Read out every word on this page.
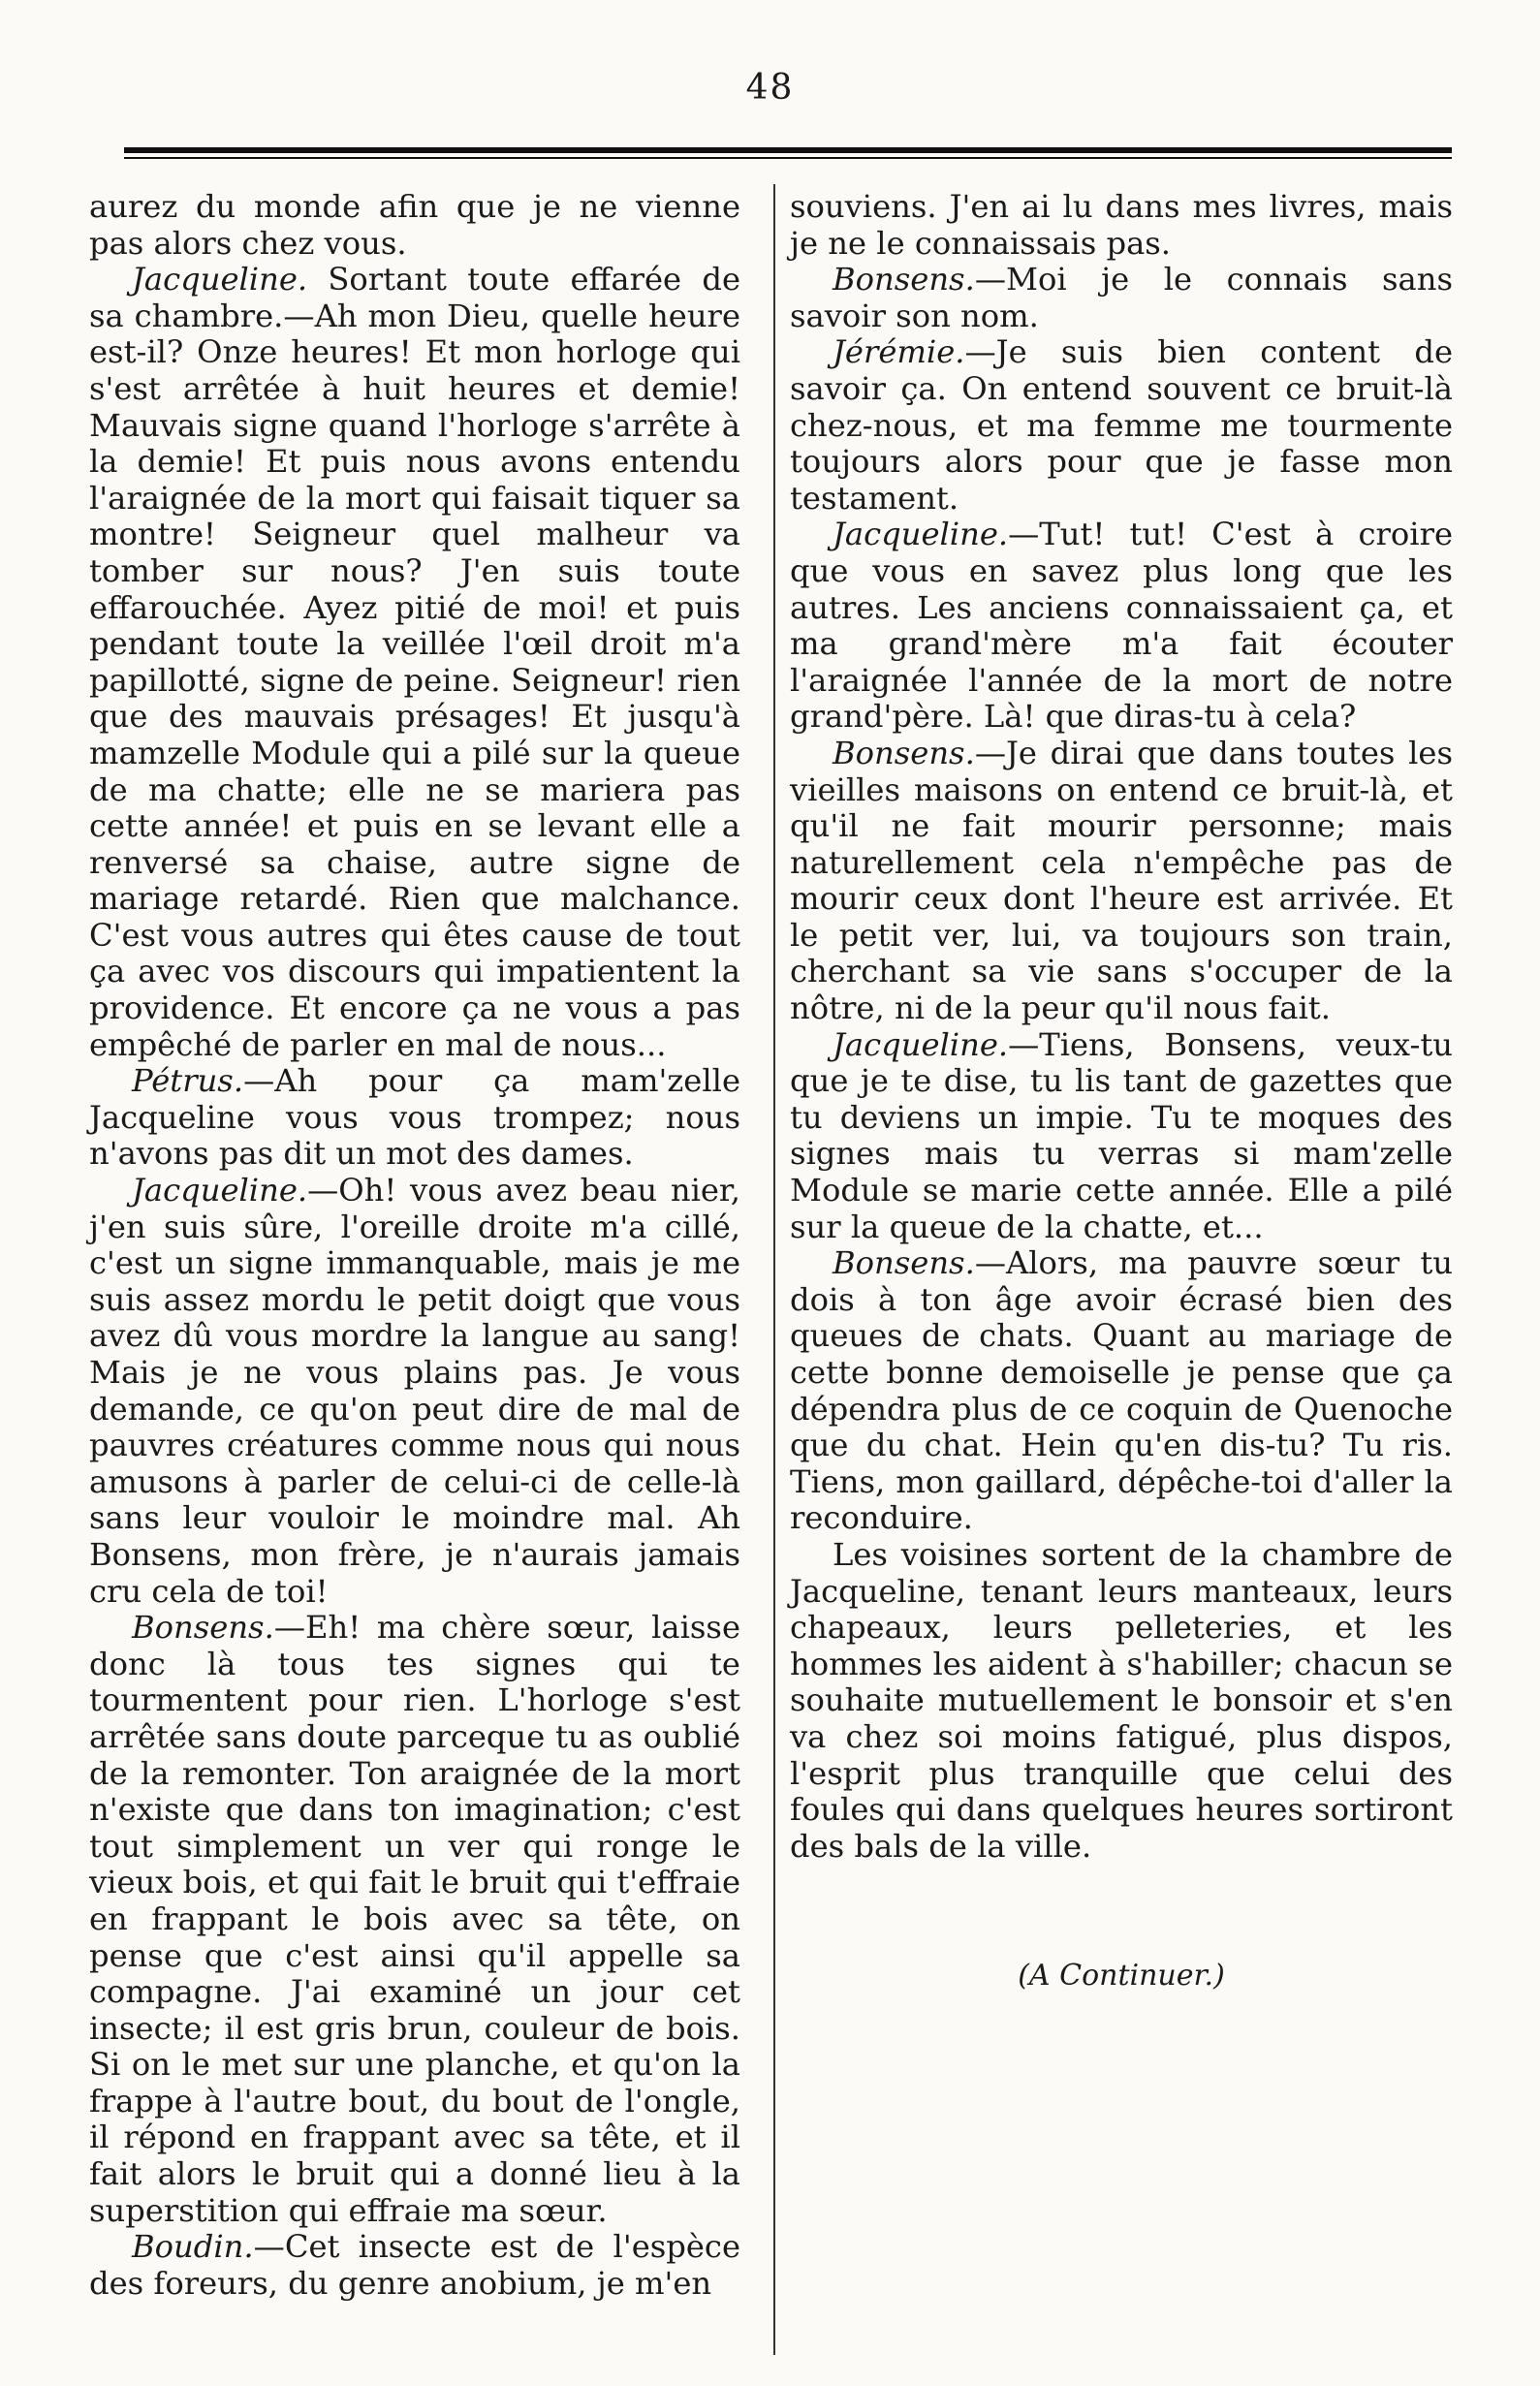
48

aurez du monde afin que je ne vienne pas alors chez vous.

Jacqueline. Sortant toute effarée de sa chambre.—Ah mon Dieu, quelle heure est-il? Onze heures! Et mon horloge qui s'est arrêtée à huit heures et demie! Mauvais signe quand l'horloge s'arrête à la demie! Et puis nous avons entendu l'araignée de la mort qui faisait tiquer sa montre! Seigneur quel malheur va tomber sur nous? J'en suis toute effarouchée. Ayez pitié de moi! et puis pendant toute la veillée l'œil droit m'a papillotté, signe de peine. Seigneur! rien que des mauvais présages! Et jusqu'à mamzelle Module qui a pilé sur la queue de ma chatte; elle ne se mariera pas cette année! et puis en se levant elle a renversé sa chaise, autre signe de mariage retardé. Rien que malchance. C'est vous autres qui êtes cause de tout ça avec vos discours qui impatientent la providence. Et encore ça ne vous a pas empêché de parler en mal de nous...

Pétrus.—Ah pour ça mam'zelle Jacqueline vous vous trompez; nous n'avons pas dit un mot des dames.

Jacqueline.—Oh! vous avez beau nier, j'en suis sûre, l'oreille droite m'a cillé, c'est un signe immanquable, mais je me suis assez mordu le petit doigt que vous avez dû vous mordre la langue au sang! Mais je ne vous plains pas. Je vous demande, ce qu'on peut dire de mal de pauvres créatures comme nous qui nous amusons à parler de celui-ci de celle-là sans leur vouloir le moindre mal. Ah Bonsens, mon frère, je n'aurais jamais cru cela de toi!

Bonsens.—Eh! ma chère sœur, laisse donc là tous tes signes qui te tourmentent pour rien. L'horloge s'est arrêtée sans doute parceque tu as oublié de la remonter. Ton araignée de la mort n'existe que dans ton imagination; c'est tout simplement un ver qui ronge le vieux bois, et qui fait le bruit qui t'effraie en frappant le bois avec sa tête, on pense que c'est ainsi qu'il appelle sa compagne. J'ai examiné un jour cet insecte; il est gris brun, couleur de bois. Si on le met sur une planche, et qu'on la frappe à l'autre bout, du bout de l'ongle, il répond en frappant avec sa tête, et il fait alors le bruit qui a donné lieu à la superstition qui effraie ma sœur.

Boudin.—Cet insecte est de l'espèce des foreurs, du genre anobium, je m'en

souviens. J'en ai lu dans mes livres, mais je ne le connaissais pas.

Bonsens.—Moi je le connais sans savoir son nom.

Jérémie.—Je suis bien content de savoir ça. On entend souvent ce bruit-là chez-nous, et ma femme me tourmente toujours alors pour que je fasse mon testament.

Jacqueline.—Tut! tut! C'est à croire que vous en savez plus long que les autres. Les anciens connaissaient ça, et ma grand'mère m'a fait écouter l'araignée l'année de la mort de notre grand'père. Là! que diras-tu à cela?

Bonsens.—Je dirai que dans toutes les vieilles maisons on entend ce bruit-là, et qu'il ne fait mourir personne; mais naturellement cela n'empêche pas de mourir ceux dont l'heure est arrivée. Et le petit ver, lui, va toujours son train, cherchant sa vie sans s'occuper de la nôtre, ni de la peur qu'il nous fait.

Jacqueline.—Tiens, Bonsens, veux-tu que je te dise, tu lis tant de gazettes que tu deviens un impie. Tu te moques des signes mais tu verras si mam'zelle Module se marie cette année. Elle a pilé sur la queue de la chatte, et...

Bonsens.—Alors, ma pauvre sœur tu dois à ton âge avoir écrasé bien des queues de chats. Quant au mariage de cette bonne demoiselle je pense que ça dépendra plus de ce coquin de Quenoche que du chat. Hein qu'en dis-tu? Tu ris. Tiens, mon gaillard, dépêche-toi d'aller la reconduire.

Les voisines sortent de la chambre de Jacqueline, tenant leurs manteaux, leurs chapeaux, leurs pelleteries, et les hommes les aident à s'habiller; chacun se souhaite mutuellement le bonsoir et s'en va chez soi moins fatigué, plus dispos, l'esprit plus tranquille que celui des foules qui dans quelques heures sortiront des bals de la ville.

(A Continuer.)
